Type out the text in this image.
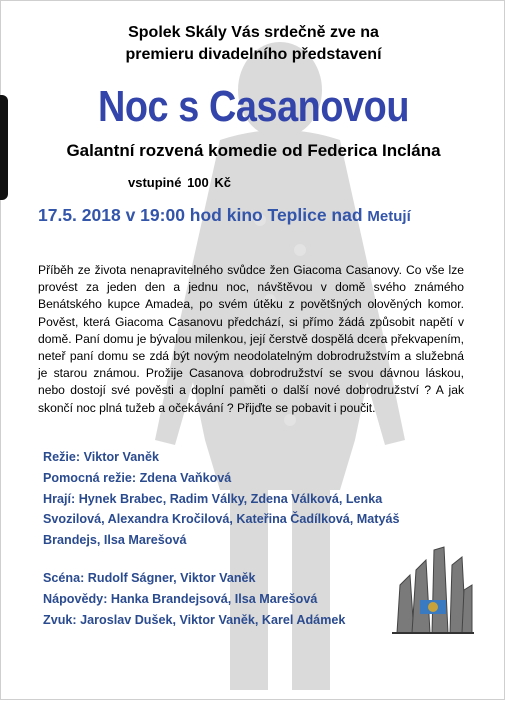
Spolek Skály Vás srdečně zve na
premieru divadelního představení
Noc s Casanovou
Galantní rozvená komedie od Federica Inclána
vstupiné 100 Kč
17.5. 2018 v 19:00 hod kino Teplice nad Metují
Příběh ze života nenapravitelného svůdce žen Giacoma Casanovy. Co vše lze provést za jeden den a jednu noc, návštěvou v domě svého známého Benátského kupce Amadea, po svém útěku z povětšných olověných komor. Pověst, která Giacoma Casanovu předchází, si přímo žádá způsobit napětí v domě. Paní domu je bývalou milenkou, její čerstvě dospělá dcera překvapením, neteř paní domu se zdá být novým neodolatelným dobrodružstvím a služebná je starou známou. Prožije Casanova dobrodružství se svou dávnou láskou, nebo dostojí své pověsti a doplní paměti o další nové dobrodružství ? A jak skončí noc plná tužeb a očekávání ? Přijďte se pobavit i poučit.

Režie: Viktor Vaněk

Pomocná režie: Zdena Vaňková

Hrají: Hynek Brabec, Radim Války, Zdena Válková, Lenka

Svozilová, Alexandra Kročilová, Kateřina Čadílková, Matyáš

Brandejs, Ilsa Marešová

Scéna: Rudolf Ságner, Viktor Vaněk

Nápovědy: Hanka Brandejsová, Ilsa Marešová

Zvuk: Jaroslav Dušek, Viktor Vaněk, Karel Adámek
